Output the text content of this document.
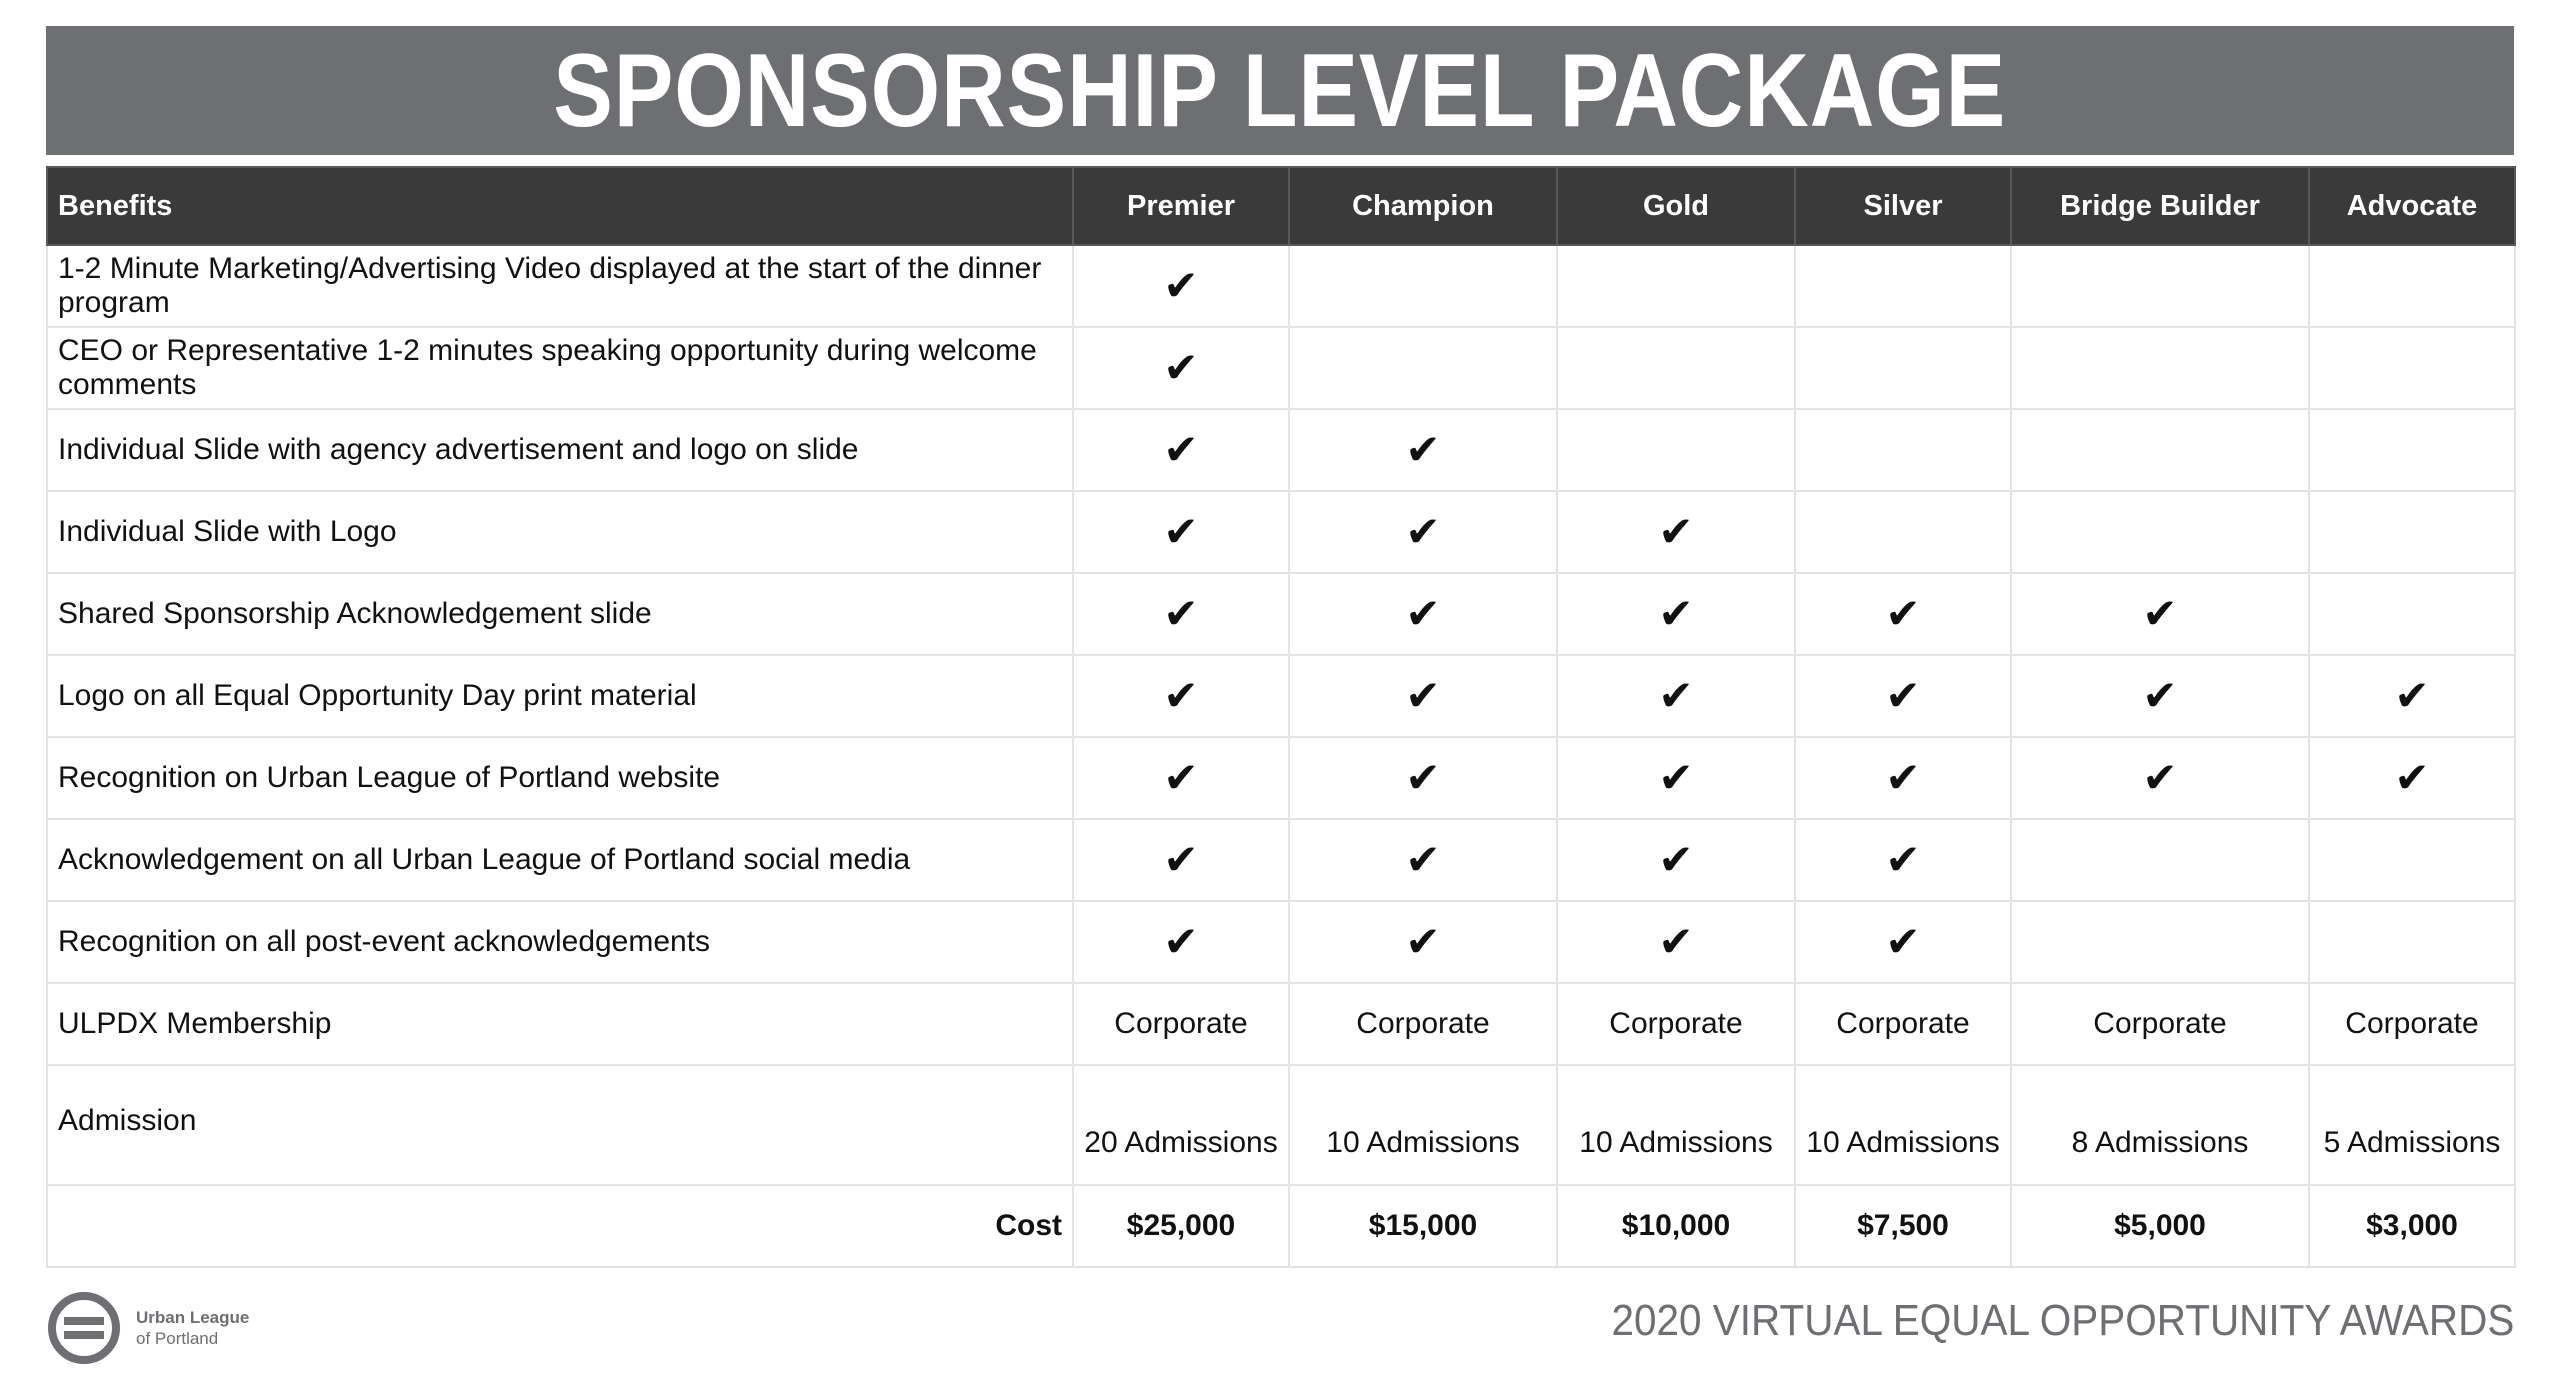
SPONSORSHIP LEVEL PACKAGE
Benefits	Premier	Champion	Gold	Silver	Bridge Builder	Advocate
1-2 Minute Marketing/Advertising Video displayed at the start of the dinner program	✔					
CEO or Representative 1-2 minutes speaking opportunity during welcome comments	✔					
Individual Slide with agency advertisement and logo on slide	✔	✔				
Individual Slide with Logo	✔	✔	✔			
Shared Sponsorship Acknowledgement slide	✔	✔	✔	✔	✔	
Logo on all Equal Opportunity Day print material	✔	✔	✔	✔	✔	✔
Recognition on Urban League of Portland website	✔	✔	✔	✔	✔	✔
Acknowledgement on all Urban League of Portland social media	✔	✔	✔	✔		
Recognition on all post-event acknowledgements	✔	✔	✔	✔		
ULPDX Membership	Corporate	Corporate	Corporate	Corporate	Corporate	Corporate
Admission	20 Admissions	10 Admissions	10 Admissions	10 Admissions	8 Admissions	5 Admissions
Cost	$25,000	$15,000	$10,000	$7,500	$5,000	$3,000
Urban League
of Portland	2020 VIRTUAL EQUAL OPPORTUNITY AWARDS
